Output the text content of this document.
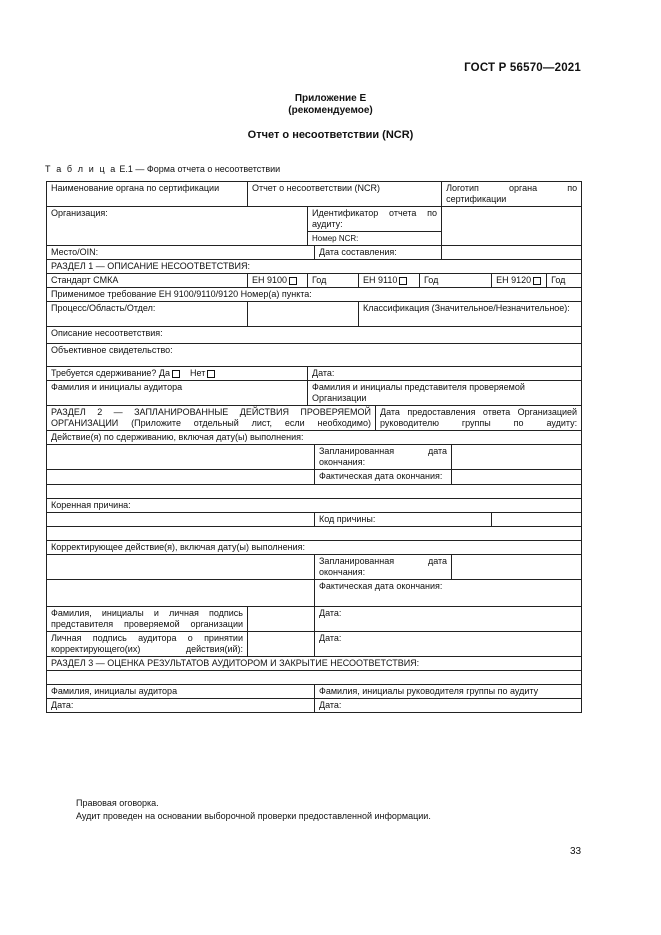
ГОСТ Р 56570—2021
Приложение Е
(рекомендуемое)
Отчет о несоответствии (NCR)
Т а б л и ц а Е.1 — Форма отчета о несоответствии
Наименование органа по сертификации	Отчет о несоответствии (NCR)						Логотип органа по сертификации			
Организация:		Идентификатор отчета по аудиту:								
		Номер NCR:								
Место/OIN:			Дата составления:							
РАЗДЕЛ 1 — ОПИСАНИЕ НЕСООТВЕТСТВИЯ:										
Стандарт СМКА	ЕН 9100	Год		ЕН 9110		Год			ЕН 9120	Год
Применимое требование ЕН 9100/9110/9120 Номер(а) пункта:										
Процесс/Область/Отдел:				Классификация (Значительное/Незначительное):						
Описание несоответствия:										
Объективное свидетельство:										
Требуется сдерживание? Да Нет		Дата:								
Фамилия и инициалы аудитора		Фамилия и инициалы представителя проверяемой Организации								
РАЗДЕЛ 2 — ЗАПЛАНИРОВАННЫЕ ДЕЙСТВИЯ ПРОВЕРЯЕМОЙ ОРГАНИЗАЦИИ (Приложите отдельный лист, если необходимо)					Дата предоставления ответа Организацией руководителю группы по аудиту:					
Действие(я) по сдерживанию, включая дату(ы) выполнения:										
			Запланированная дата окончания:							
			Фактическая дата окончания:							

Коренная причина:										
			Код причины:							

Корректирующее действие(я), включая дату(ы) выполнения:										
			Запланированная дата окончания:							
			Фактическая дата окончания:							
Фамилия, инициалы и личная подпись представителя проверяемой организации			Дата:							
Личная подпись аудитора о принятии корректирующего(их) действия(ий):			Дата:							
РАЗДЕЛ 3 — ОЦЕНКА РЕЗУЛЬТАТОВ АУДИТОРОМ И ЗАКРЫТИЕ НЕСООТВЕТСТВИЯ:										

Фамилия, инициалы аудитора			Фамилия, инициалы руководителя группы по аудиту							
Дата:			Дата:							
Правовая оговорка.
Аудит проведен на основании выборочной проверки предоставленной информации.
33
